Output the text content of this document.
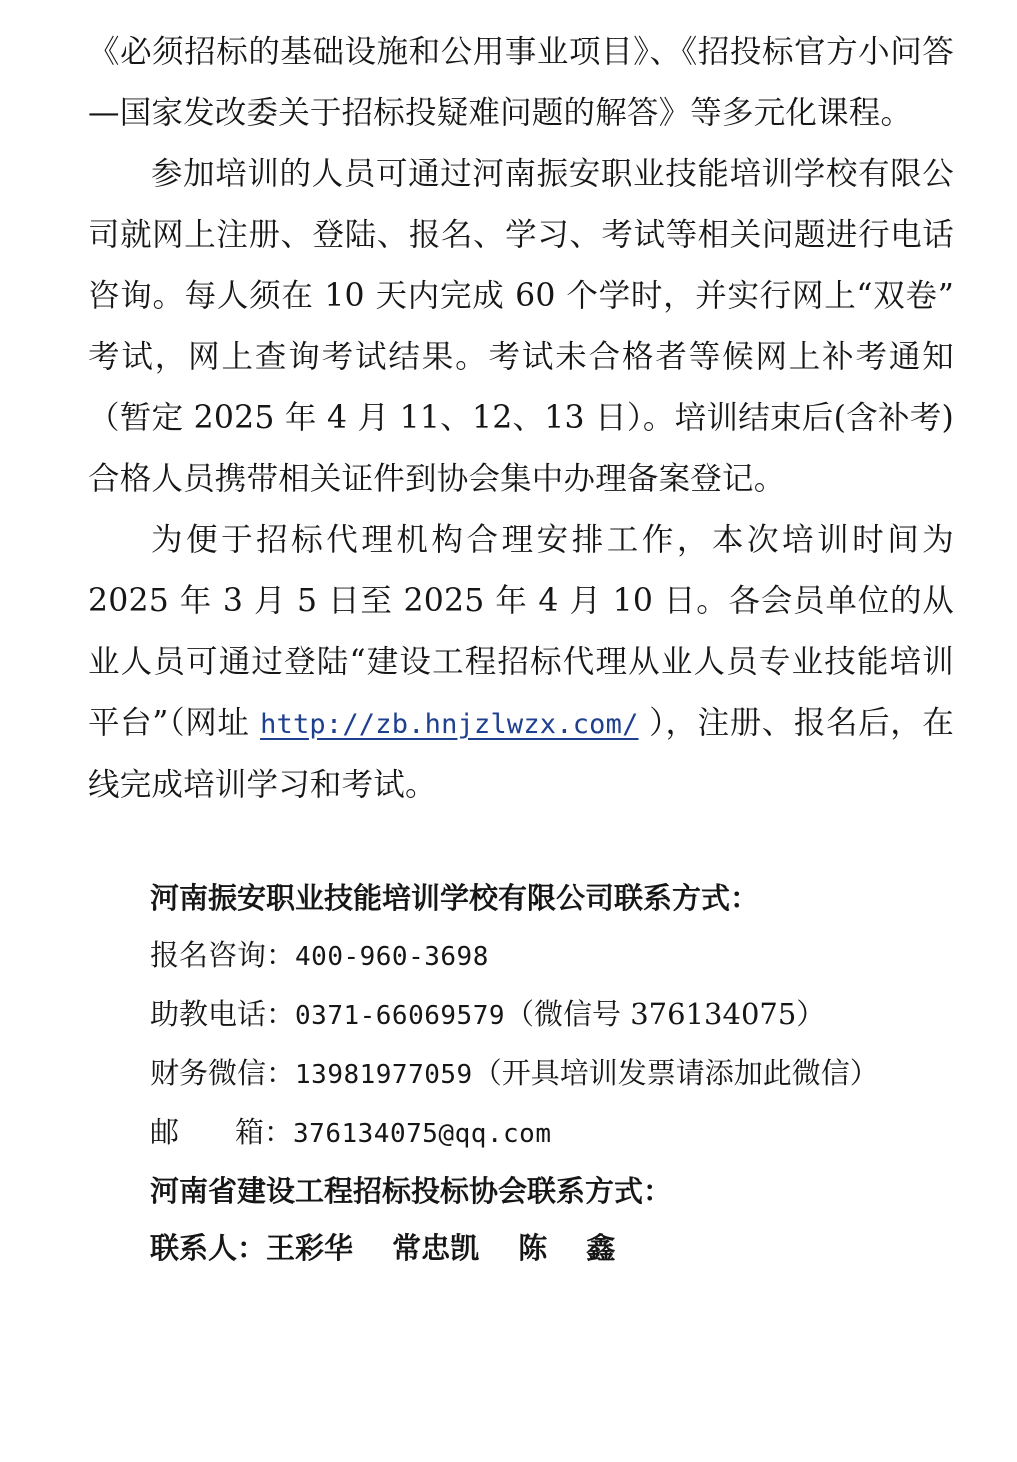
《必须招标的基础设施和公用事业项目》、《招投标官方小问答—国家发改委关于招标投疑难问题的解答》等多元化课程。

参加培训的人员可通过河南振安职业技能培训学校有限公司就网上注册、登陆、报名、学习、考试等相关问题进行电话咨询。每人须在 10 天内完成 60 个学时，并实行网上“双卷”考试，网上查询考试结果。考试未合格者等候网上补考通知（暂定 2025 年 4 月 11、12、13 日）。培训结束后(含补考)合格人员携带相关证件到协会集中办理备案登记。

为便于招标代理机构合理安排工作，本次培训时间为 2025 年 3 月 5 日至 2025 年 4 月 10 日。各会员单位的从业人员可通过登陆“建设工程招标代理从业人员专业技能培训平台”（网址 http://zb.hnjzlwzx.com/ ），注册、报名后，在线完成培训学习和考试。

河南振安职业技能培训学校有限公司联系方式：
报名咨询：400-960-3698
助教电话：0371-66069579（微信号 376134075）
财务微信：13981977059（开具培训发票请添加此微信）
邮 箱：376134075@qq.com
河南省建设工程招标投标协会联系方式：
联系人：王彩华　 常忠凯　 陈　 鑫
